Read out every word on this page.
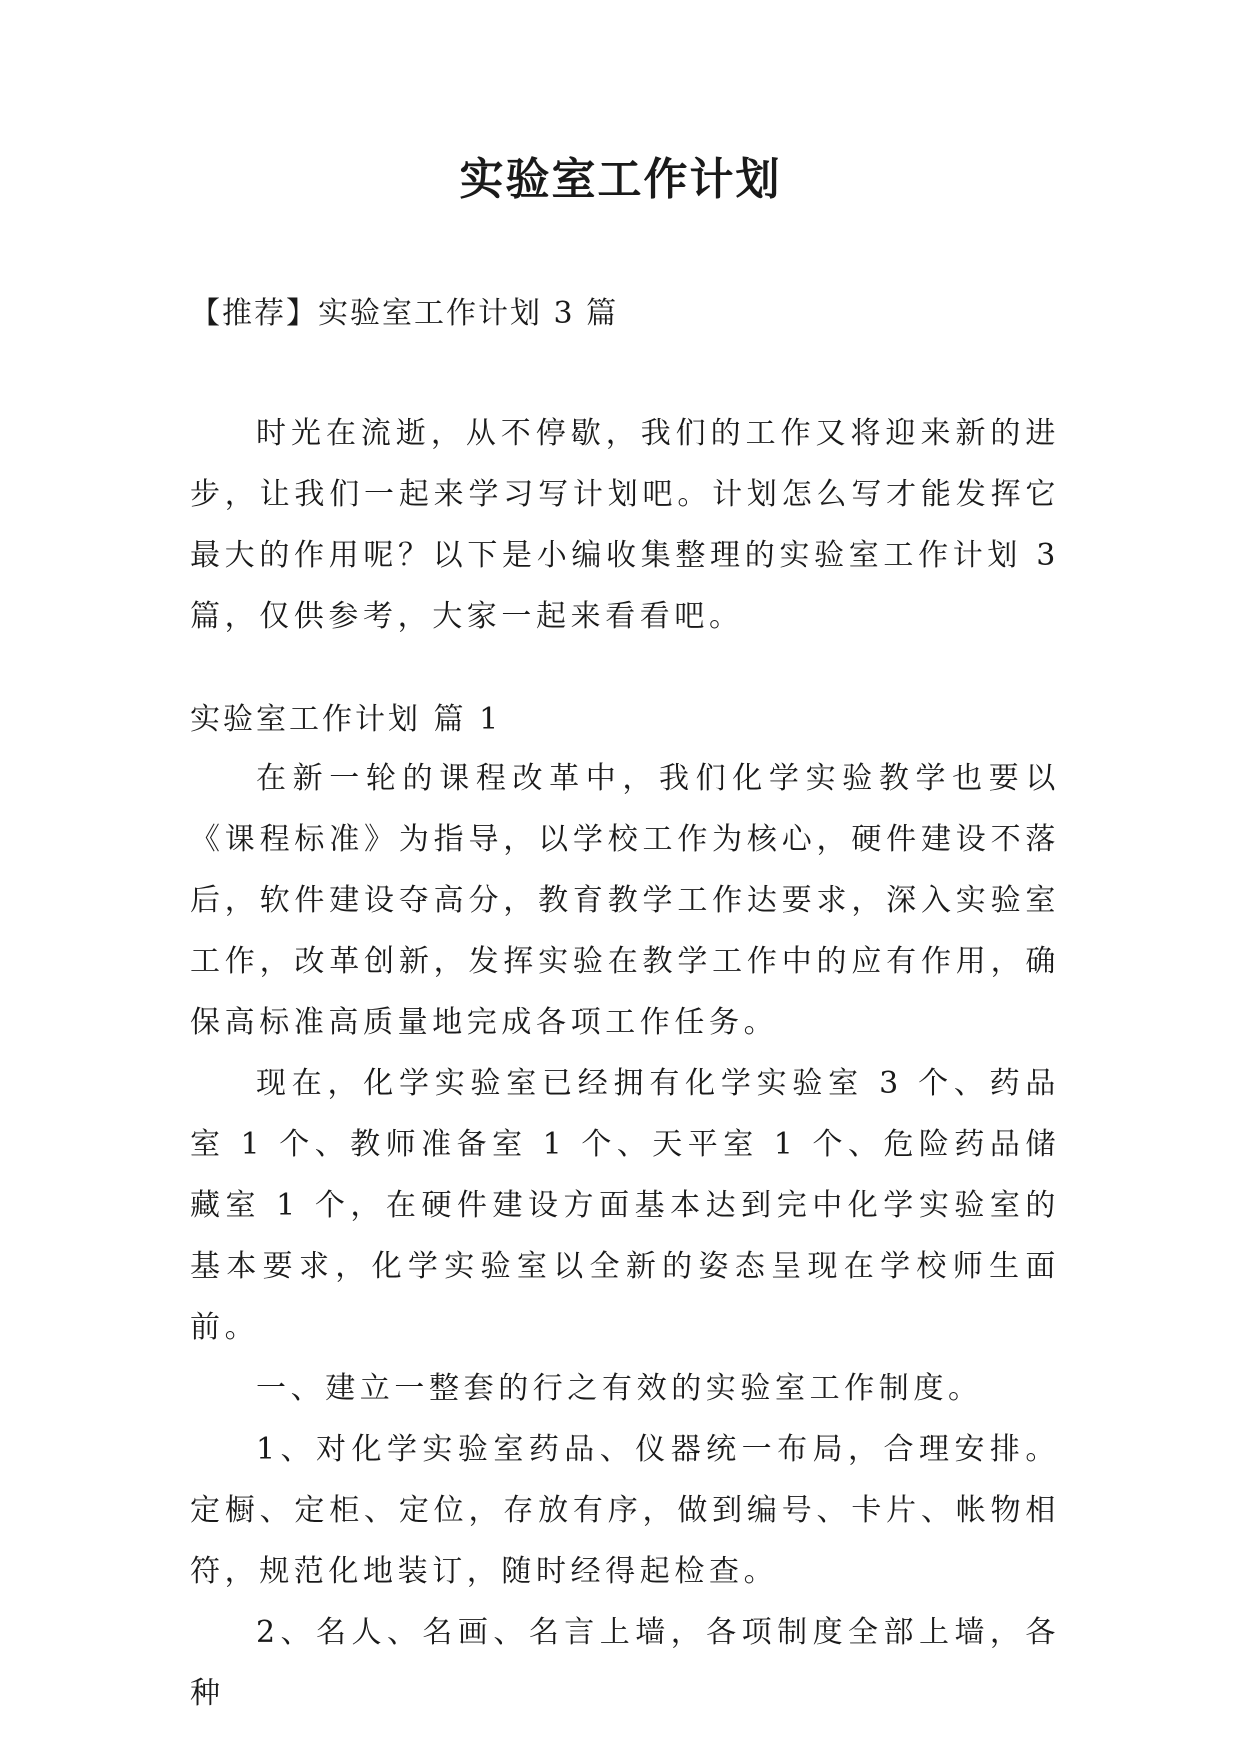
实验室工作计划

【推荐】实验室工作计划 3 篇

时光在流逝，从不停歇，我们的工作又将迎来新的进步，让我们一起来学习写计划吧。计划怎么写才能发挥它最大的作用呢？以下是小编收集整理的实验室工作计划 3 篇，仅供参考，大家一起来看看吧。

实验室工作计划 篇 1

在新一轮的课程改革中，我们化学实验教学也要以《课程标准》为指导，以学校工作为核心，硬件建设不落后，软件建设夺高分，教育教学工作达要求，深入实验室工作，改革创新，发挥实验在教学工作中的应有作用，确保高标准高质量地完成各项工作任务。

现在，化学实验室已经拥有化学实验室 3 个、药品室 1 个、教师准备室 1 个、天平室 1 个、危险药品储藏室 1 个，在硬件建设方面基本达到完中化学实验室的基本要求，化学实验室以全新的姿态呈现在学校师生面前。

一、建立一整套的行之有效的实验室工作制度。

1、对化学实验室药品、仪器统一布局，合理安排。定橱、定柜、定位，存放有序，做到编号、卡片、帐物相符，规范化地装订，随时经得起检查。

2、名人、名画、名言上墙，各项制度全部上墙，各种
